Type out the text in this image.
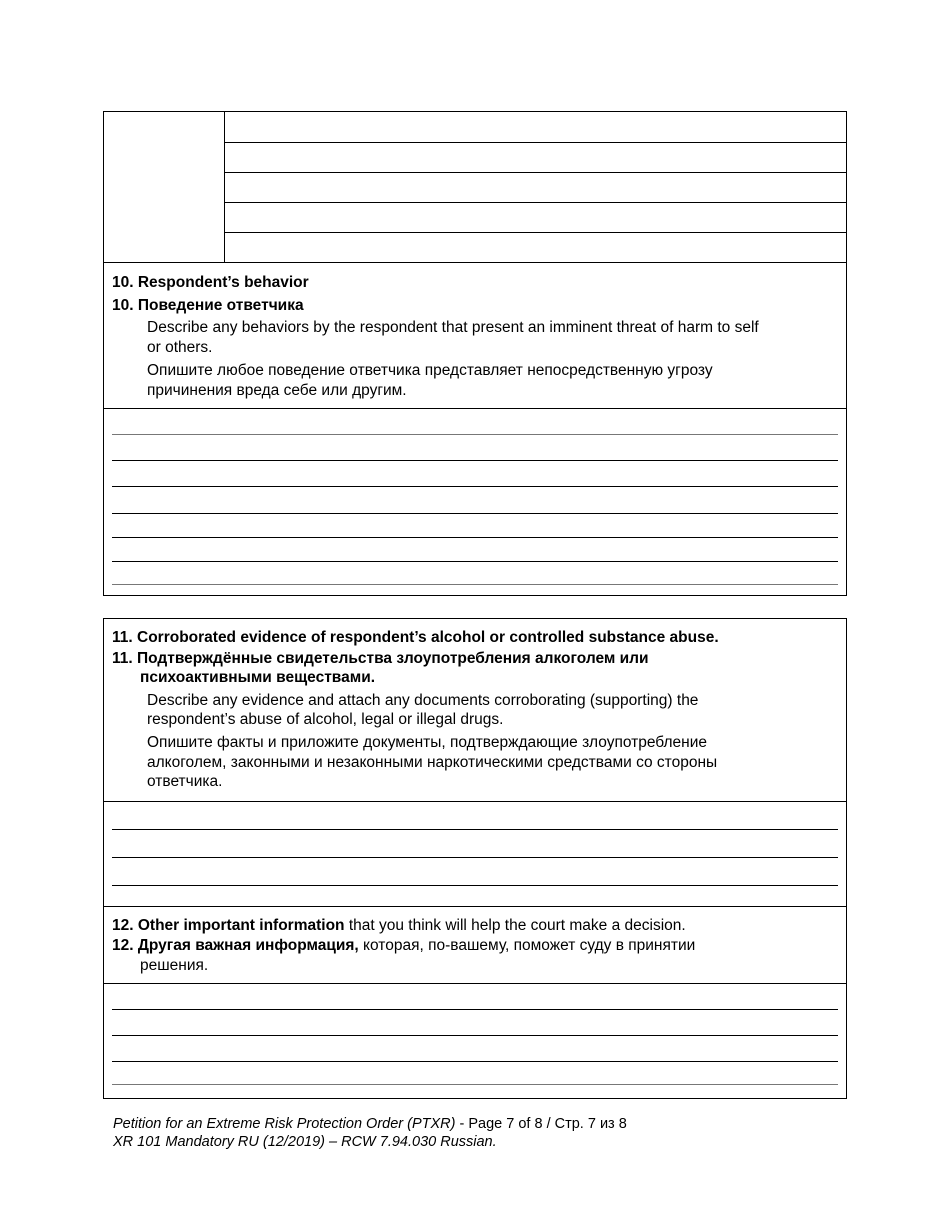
10. Respondent’s behavior
10. Поведение ответчика
Describe any behaviors by the respondent that present an imminent threat of harm to self
or others.
Опишите любое поведение ответчика представляет непосредственную угрозу
причинения вреда себе или другим.
11. Corroborated evidence of respondent’s alcohol or controlled substance abuse.
11. Подтверждённые свидетельства злоупотребления алкоголем или
психоактивными веществами.
Describe any evidence and attach any documents corroborating (supporting) the
respondent’s abuse of alcohol, legal or illegal drugs.
Опишите факты и приложите документы, подтверждающие злоупотребление
алкоголем, законными и незаконными наркотическими средствами со стороны
ответчика.
12. Other important information that you think will help the court make a decision.
12. Другая важная информация, которая, по-вашему, поможет суду в принятии
решения.
Petition for an Extreme Risk Protection Order (PTXR) - Page 7 of 8 / Стр. 7 из 8
XR 101 Mandatory RU (12/2019) – RCW 7.94.030 Russian.
